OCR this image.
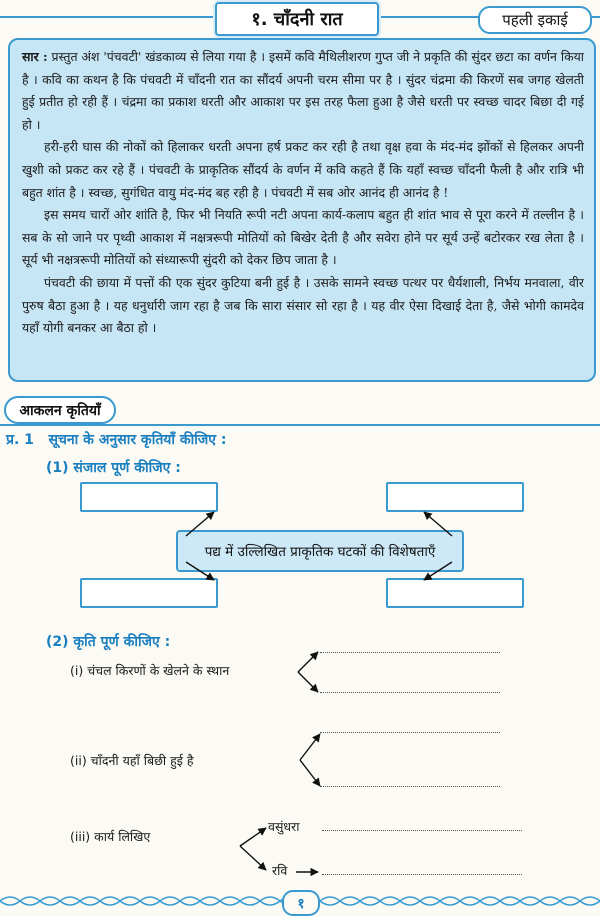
१. चाँदनी रात	पहली इकाई

सार : प्रस्तुत अंश 'पंचवटी' खंडकाव्य से लिया गया है । इसमें कवि मैथिलीशरण गुप्त जी ने प्रकृति की सुंदर छटा का वर्णन किया है । कवि का कथन है कि पंचवटी में चाँदनी रात का सौंदर्य अपनी चरम सीमा पर है । सुंदर चंद्रमा की किरणें सब जगह खेलती हुई प्रतीत हो रही हैं । चंद्रमा का प्रकाश धरती और आकाश पर इस तरह फैला हुआ है जैसे धरती पर स्वच्छ चादर बिछा दी गई हो ।

हरी-हरी घास की नोकों को हिलाकर धरती अपना हर्ष प्रकट कर रही है तथा वृक्ष हवा के मंद-मंद झोंकों से हिलकर अपनी खुशी को प्रकट कर रहे हैं । पंचवटी के प्राकृतिक सौंदर्य के वर्णन में कवि कहते हैं कि यहाँ स्वच्छ चाँदनी फैली है और रात्रि भी बहुत शांत है । स्वच्छ, सुगंधित वायु मंद-मंद बह रही है । पंचवटी में सब ओर आनंद ही आनंद है !

इस समय चारों ओर शांति है, फिर भी नियति रूपी नटी अपना कार्य-कलाप बहुत ही शांत भाव से पूरा करने में तल्लीन है । सब के सो जाने पर पृथ्वी आकाश में नक्षत्ररूपी मोतियों को बिखेर देती है और सवेरा होने पर सूर्य उन्हें बटोरकर रख लेता है । सूर्य भी नक्षत्ररूपी मोतियों को संध्यारूपी सुंदरी को देकर छिप जाता है ।

पंचवटी की छाया में पत्तों की एक सुंदर कुटिया बनी हुई है । उसके सामने स्वच्छ पत्थर पर धैर्यशाली, निर्भय मनवाला, वीर पुरुष बैठा हुआ है । यह धनुर्धारी जाग रहा है जब कि सारा संसार सो रहा है । यह वीर ऐसा दिखाई देता है, जैसे भोगी कामदेव यहाँ योगी बनकर आ बैठा हो ।

आकलन कृतियाँ
प्र. 1 सूचना के अनुसार कृतियाँ कीजिए :
(1) संजाल पूर्ण कीजिए :
पद्य में उल्लिखित प्राकृतिक घटकों की विशेषताएँ
(2) कृति पूर्ण कीजिए :
(i) चंचल किरणों के खेलने के स्थान
(ii) चाँदनी यहाँ बिछी हुई है
(iii) कार्य लिखिए
वसुंधरा
रवि
१
